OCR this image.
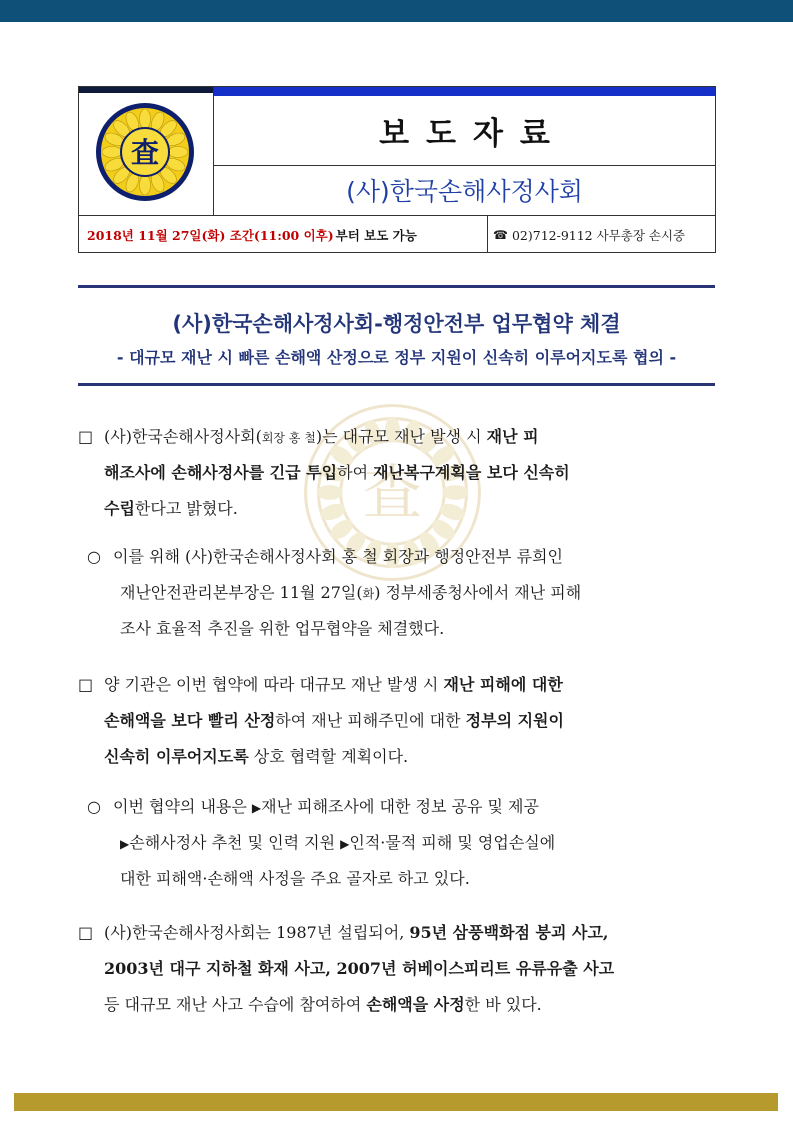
査
査
보도자료
(사)한국손해사정사회
2018년 11월 27일(화) 조간(11:00 이후) 부터 보도 가능	☎ 02)712-9112 사무총장 손시중
(사)한국손해사정사회-행정안전부 업무협약 체결
- 대규모 재난 시 빠른 손해액 산정으로 정부 지원이 신속히 이루어지도록 협의 -
□ (사)한국손해사정사회(회장 홍 철)는 대규모 재난 발생 시 재난 피
해조사에 손해사정사를 긴급 투입하여 재난복구계획을 보다 신속히
수립한다고 밝혔다.
○ 이를 위해 (사)한국손해사정사회 홍 철 회장과 행정안전부 류희인
재난안전관리본부장은 11월 27일(화) 정부세종청사에서 재난 피해
조사 효율적 추진을 위한 업무협약을 체결했다.
□ 양 기관은 이번 협약에 따라 대규모 재난 발생 시 재난 피해에 대한
손해액을 보다 빨리 산정하여 재난 피해주민에 대한 정부의 지원이
신속히 이루어지도록 상호 협력할 계획이다.
○ 이번 협약의 내용은 ▶재난 피해조사에 대한 정보 공유 및 제공
▶손해사정사 추천 및 인력 지원 ▶인적·물적 피해 및 영업손실에
대한 피해액·손해액 사정을 주요 골자로 하고 있다.
□ (사)한국손해사정사회는 1987년 설립되어, 95년 삼풍백화점 붕괴 사고,
2003년 대구 지하철 화재 사고, 2007년 허베이스피리트 유류유출 사고
등 대규모 재난 사고 수습에 참여하여 손해액을 사정한 바 있다.
